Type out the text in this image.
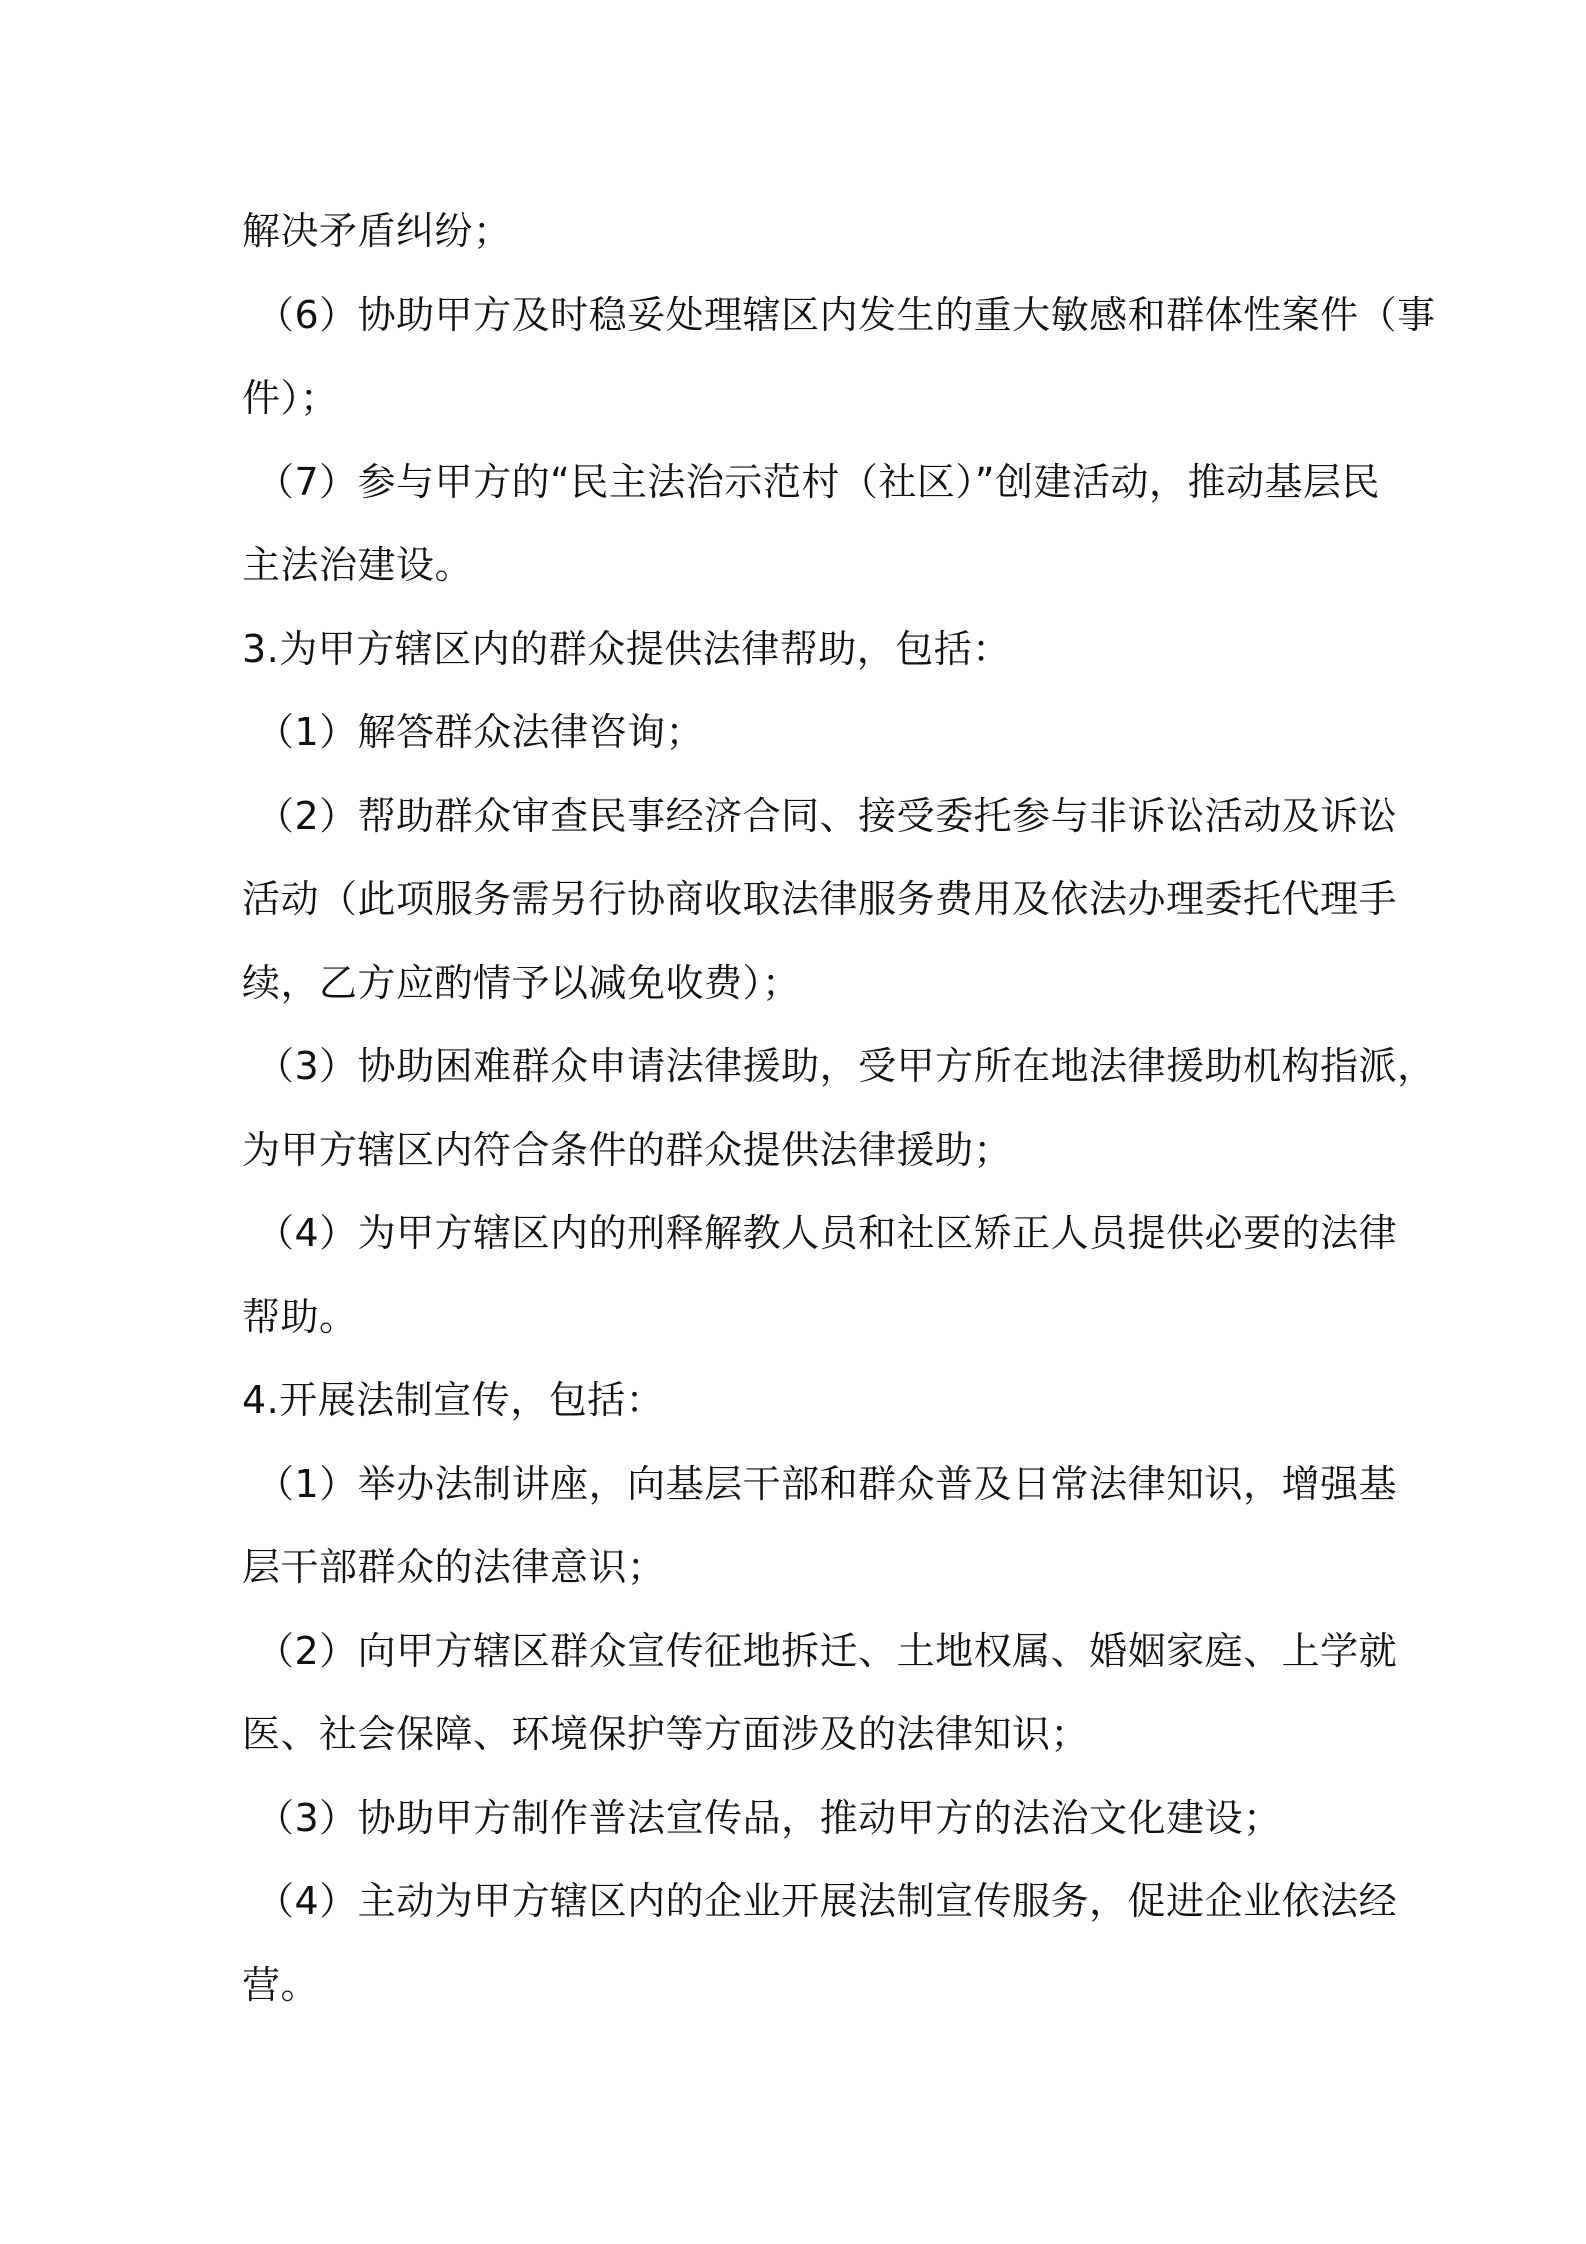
解决矛盾纠纷；

（6）协助甲方及时稳妥处理辖区内发生的重大敏感和群体性案件（事

件）；

（7）参与甲方的“民主法治示范村（社区）”创建活动，推动基层民

主法治建设。

3.为甲方辖区内的群众提供法律帮助，包括：

（1）解答群众法律咨询；

（2）帮助群众审查民事经济合同、接受委托参与非诉讼活动及诉讼

活动（此项服务需另行协商收取法律服务费用及依法办理委托代理手

续，乙方应酌情予以减免收费）；

（3）协助困难群众申请法律援助，受甲方所在地法律援助机构指派，

为甲方辖区内符合条件的群众提供法律援助；

（4）为甲方辖区内的刑释解教人员和社区矫正人员提供必要的法律

帮助。

4.开展法制宣传，包括：

（1）举办法制讲座，向基层干部和群众普及日常法律知识，增强基

层干部群众的法律意识；

（2）向甲方辖区群众宣传征地拆迁、土地权属、婚姻家庭、上学就

医、社会保障、环境保护等方面涉及的法律知识；

（3）协助甲方制作普法宣传品，推动甲方的法治文化建设；

（4）主动为甲方辖区内的企业开展法制宣传服务，促进企业依法经

营。
